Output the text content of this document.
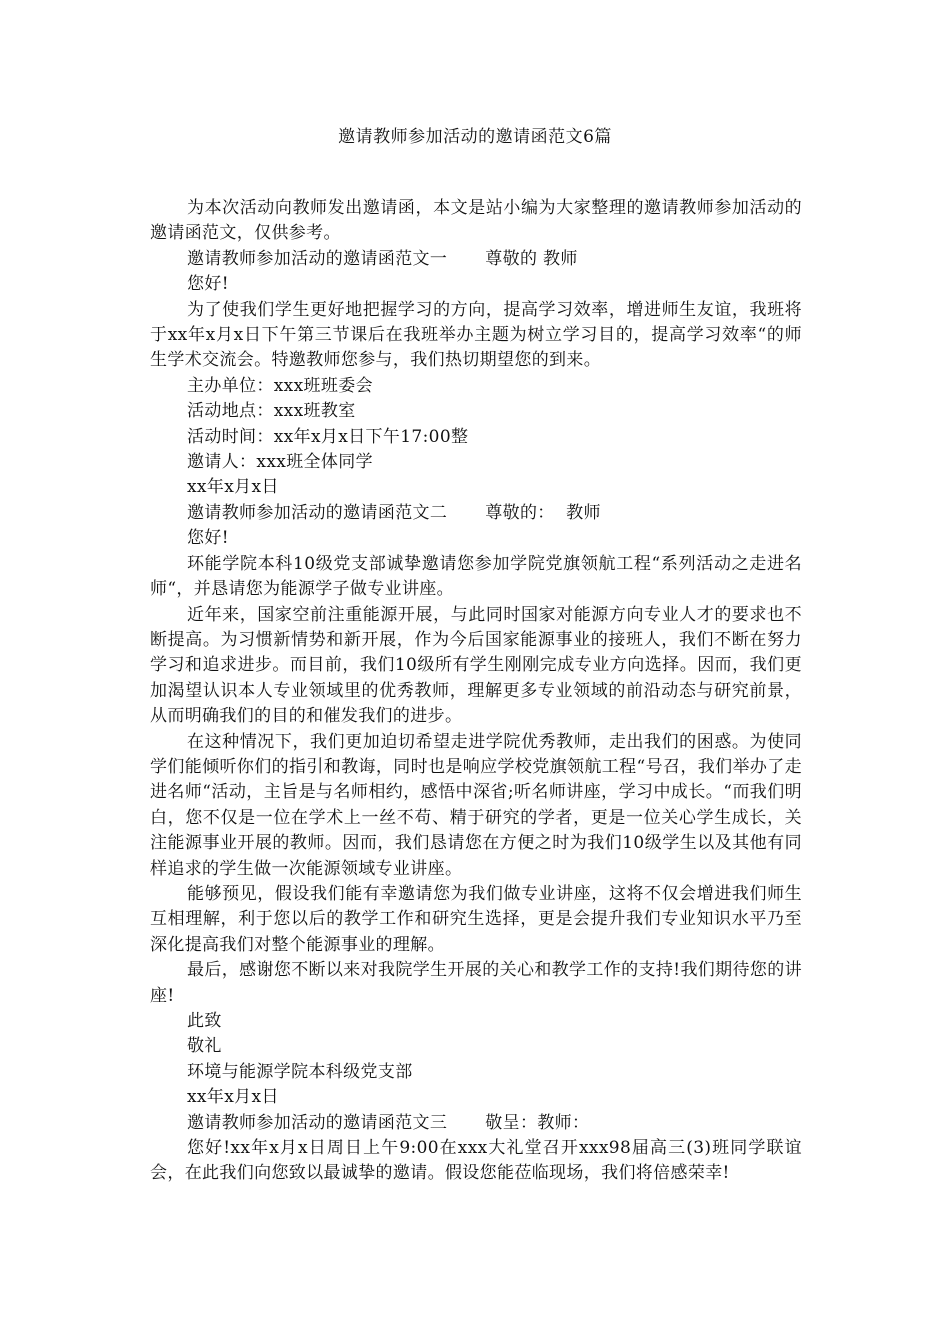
邀请教师参加活动的邀请函范文6篇

为本次活动向教师发出邀请函，本文是站小编为大家整理的邀请教师参加活动的邀请函范文，仅供参考。

邀请教师参加活动的邀请函范文一 尊敬的 教师

您好!

为了使我们学生更好地把握学习的方向，提高学习效率，增进师生友谊，我班将于xx年x月x日下午第三节课后在我班举办主题为树立学习目的，提高学习效率“的师生学术交流会。特邀教师您参与，我们热切期望您的到来。

主办单位：xxx班班委会

活动地点：xxx班教室

活动时间：xx年x月x日下午17:00整

邀请人：xxx班全体同学

xx年x月x日

邀请教师参加活动的邀请函范文二 尊敬的：  教师

您好!

环能学院本科10级党支部诚挚邀请您参加学院党旗领航工程“系列活动之走进名师“，并恳请您为能源学子做专业讲座。

近年来，国家空前注重能源开展，与此同时国家对能源方向专业人才的要求也不断提高。为习惯新情势和新开展，作为今后国家能源事业的接班人，我们不断在努力学习和追求进步。而目前，我们10级所有学生刚刚完成专业方向选择。因而，我们更加渴望认识本人专业领域里的优秀教师，理解更多专业领域的前沿动态与研究前景，从而明确我们的目的和催发我们的进步。

在这种情况下，我们更加迫切希望走进学院优秀教师，走出我们的困惑。为使同学们能倾听你们的指引和教诲，同时也是响应学校党旗领航工程“号召，我们举办了走进名师“活动，主旨是与名师相约，感悟中深省;听名师讲座，学习中成长。“而我们明白，您不仅是一位在学术上一丝不苟、精于研究的学者，更是一位关心学生成长，关注能源事业开展的教师。因而，我们恳请您在方便之时为我们10级学生以及其他有同样追求的学生做一次能源领域专业讲座。

能够预见，假设我们能有幸邀请您为我们做专业讲座，这将不仅会增进我们师生互相理解，利于您以后的教学工作和研究生选择，更是会提升我们专业知识水平乃至深化提高我们对整个能源事业的理解。

最后，感谢您不断以来对我院学生开展的关心和教学工作的支持!我们期待您的讲座!

此致

敬礼

环境与能源学院本科级党支部

xx年x月x日

邀请教师参加活动的邀请函范文三 敬呈：教师：

您好!xx年x月x日周日上午9:00在xxx大礼堂召开xxx98届高三(3)班同学联谊会，在此我们向您致以最诚挚的邀请。假设您能莅临现场，我们将倍感荣幸!
